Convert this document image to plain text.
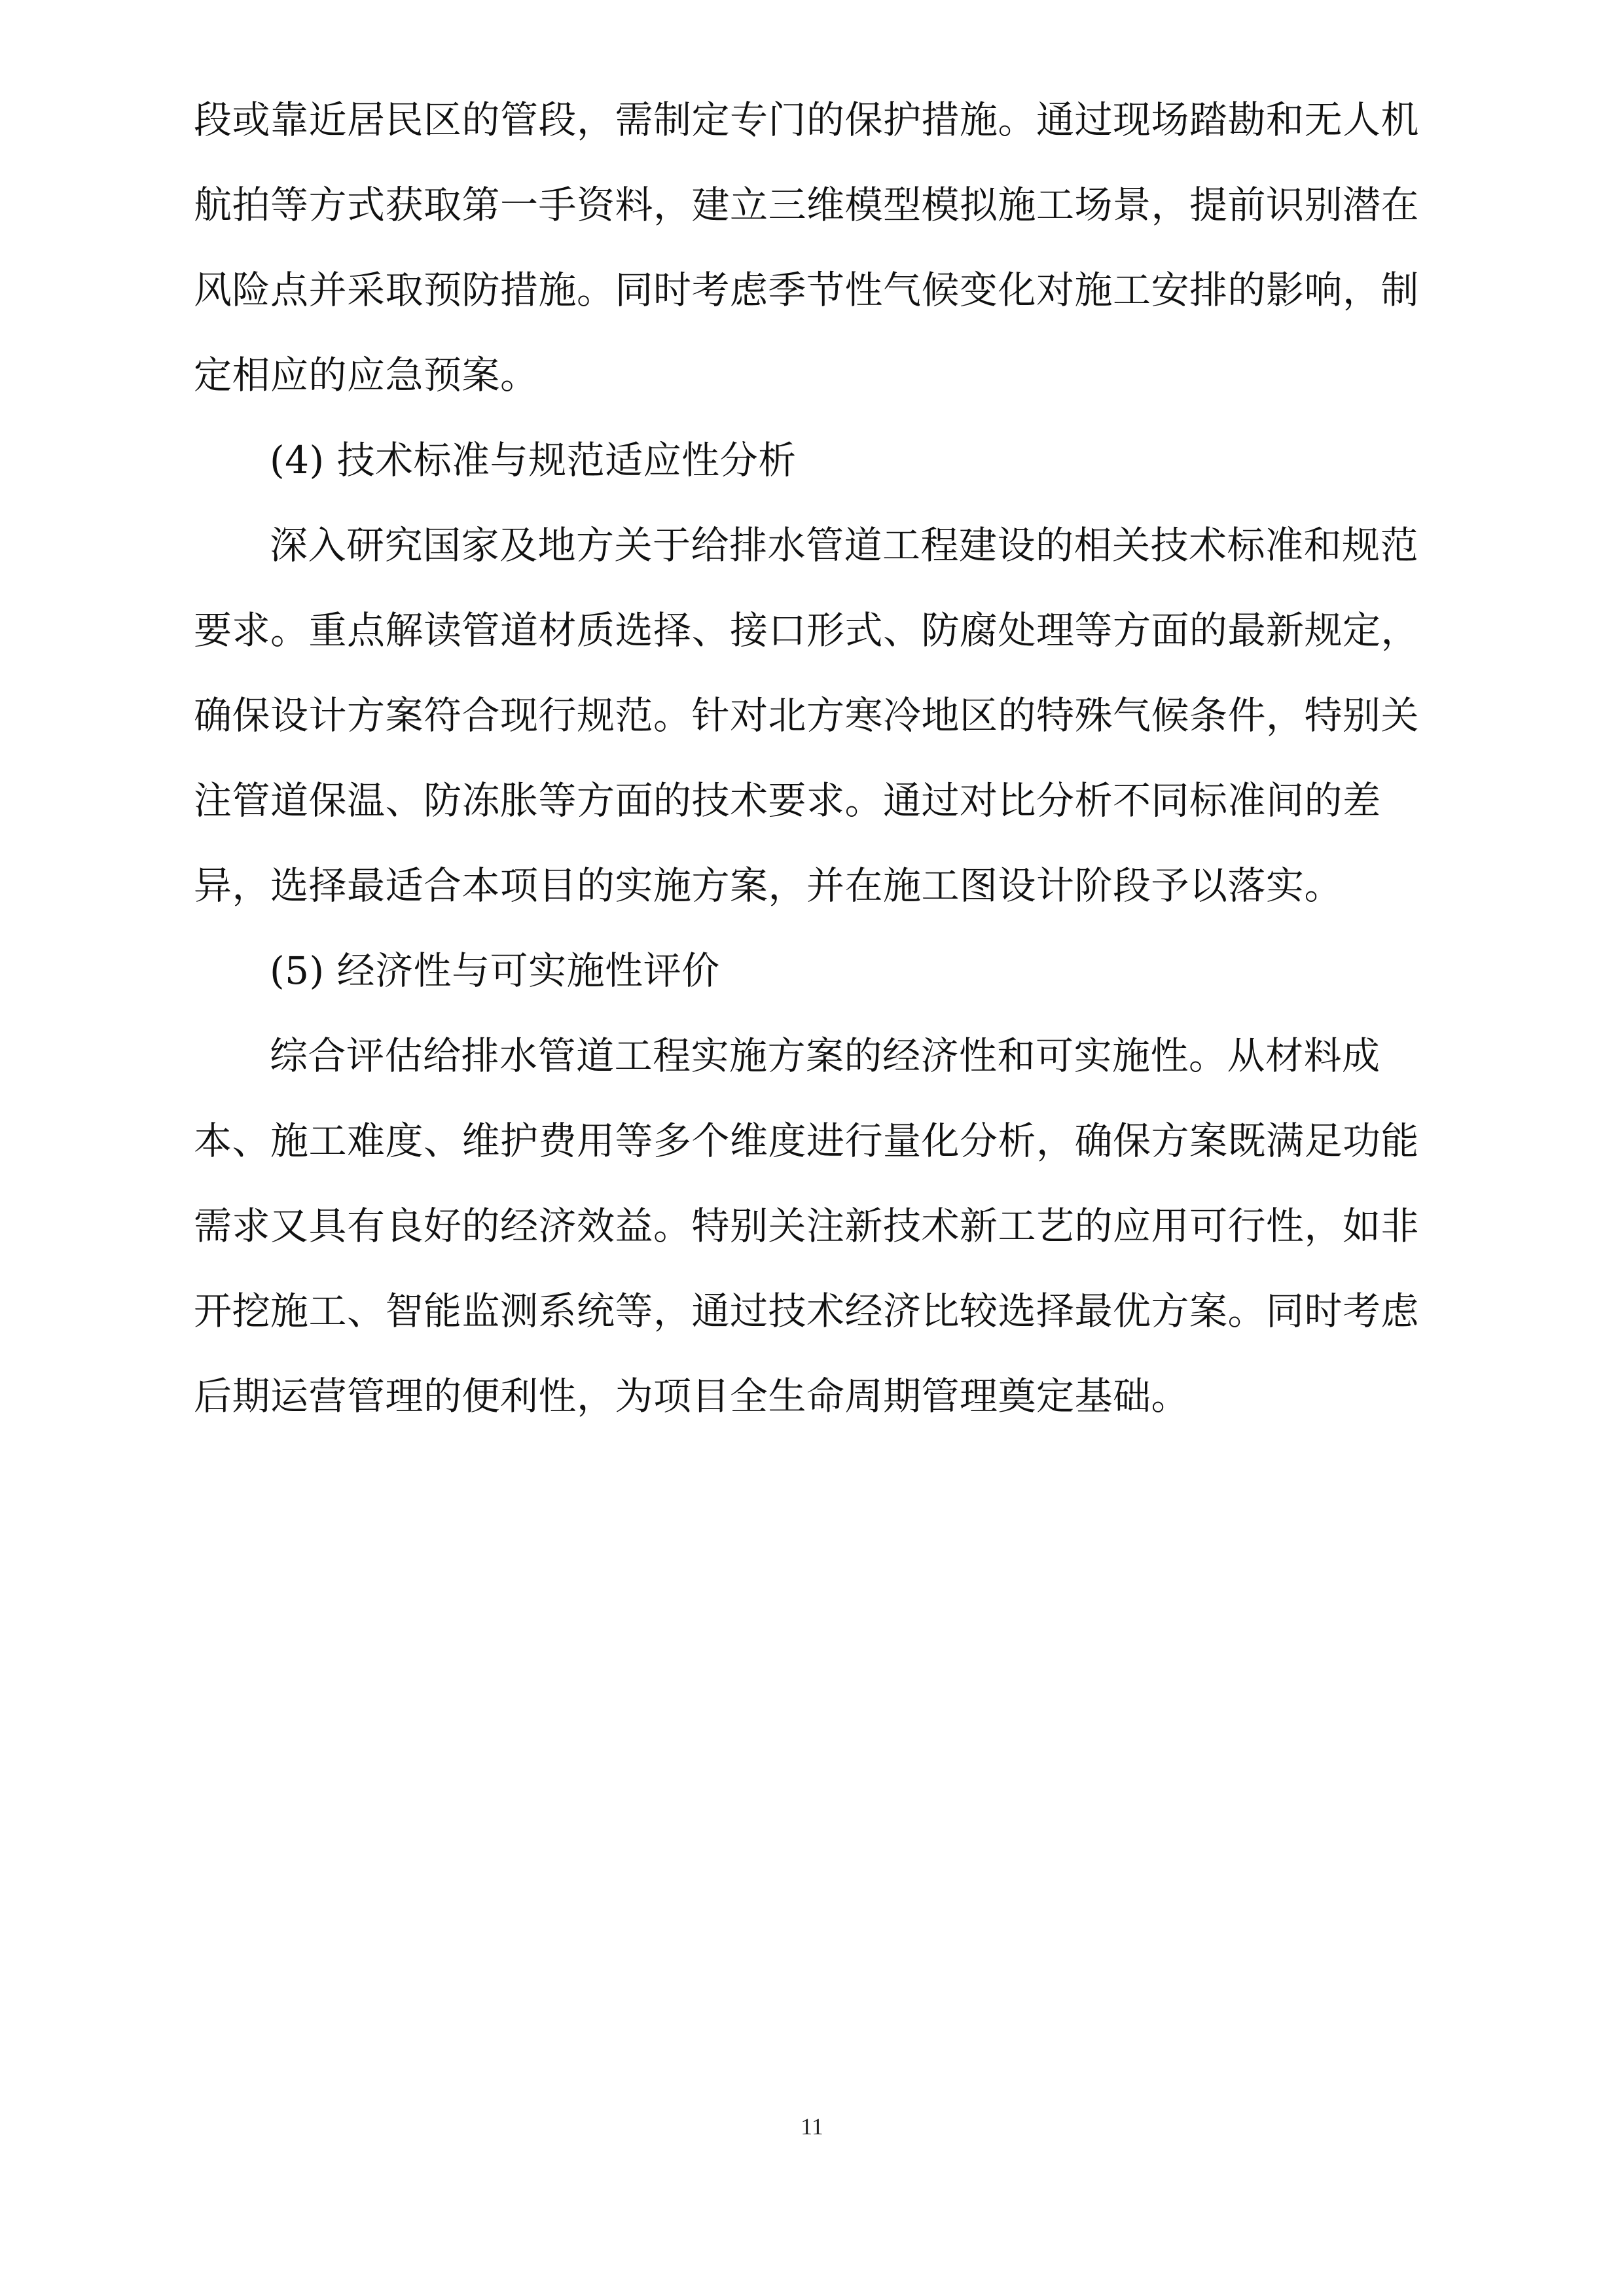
段或靠近居民区的管段，需制定专门的保护措施。通过现场踏勘和无人机航拍等方式获取第一手资料，建立三维模型模拟施工场景，提前识别潜在风险点并采取预防措施。同时考虑季节性气候变化对施工安排的影响，制定相应的应急预案。

(4) 技术标准与规范适应性分析

深入研究国家及地方关于给排水管道工程建设的相关技术标准和规范要求。重点解读管道材质选择、接口形式、防腐处理等方面的最新规定，确保设计方案符合现行规范。针对北方寒冷地区的特殊气候条件，特别关注管道保温、防冻胀等方面的技术要求。通过对比分析不同标准间的差异，选择最适合本项目的实施方案，并在施工图设计阶段予以落实。

(5) 经济性与可实施性评价

综合评估给排水管道工程实施方案的经济性和可实施性。从材料成本、施工难度、维护费用等多个维度进行量化分析，确保方案既满足功能需求又具有良好的经济效益。特别关注新技术新工艺的应用可行性，如非开挖施工、智能监测系统等，通过技术经济比较选择最优方案。同时考虑后期运营管理的便利性，为项目全生命周期管理奠定基础。

11
